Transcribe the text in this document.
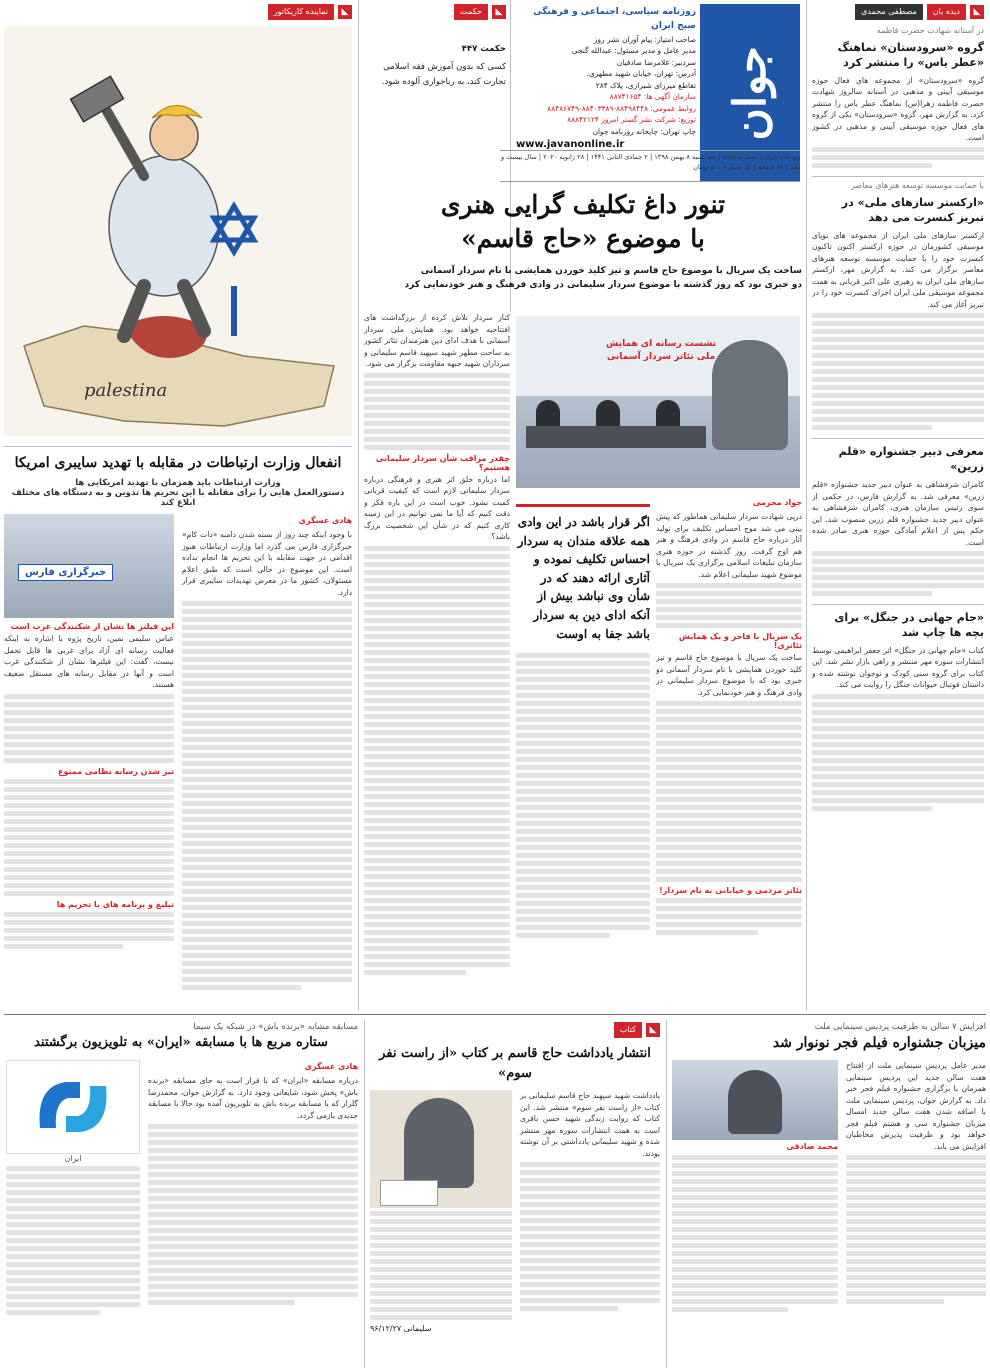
◣
دیده بان
مصطفی محمدی
در آستانه شهادت حضرت فاطمه
گروه «سرودستان» نماهنگ «عطر یاس» را منتشر کرد
گروه «سرودستان» از مجموعه های فعال حوزه موسیقی آیینی و مذهبی در آستانه سالروز شهادت حضرت فاطمه زهرا(س) نماهنگ عطر یاس را منتشر کرد. به گزارش مهر، گروه «سرودستان» یکی از گروه های فعال حوزه موسیقی آیینی و مذهبی در کشور است.
با حمایت موسسه توسعه هنرهای معاصر
«ارکستر سازهای ملی» در تبریز کنسرت می دهد
ارکستر سازهای ملی ایران از مجموعه های نوپای موسیقی کشورمان در حوزه ارکستر اکنون تاکنون کنسرت خود را با حمایت موسسه توسعه هنرهای معاصر برگزار می کند. به گزارش مهر، ارکستر سازهای ملی ایران به رهبری علی اکبر قربانی به همت مجموعه موسیقی ملی ایران اجرای کنسرت خود را در تبریز آغاز می کند.
معرفی دبیر جشنواره «قلم زرین»
کامران شرفشاهی به عنوان دبیر جدید جشنواره «قلم زرین» معرفی شد. به گزارش فارس، در حکمی از سوی رئیس سازمان هنری، کامران شرفشاهی به عنوان دبیر جدید جشنواره قلم زرین منصوب شد. این حکم پس از اعلام آمادگی حوزه هنری صادر شده است.
«جام جهانی در جنگل» برای بچه ها چاپ شد
کتاب «جام جهانی در جنگل» اثر جعفر ابراهیمی توسط انتشارات سوره مهر منتشر و راهی بازار نشر شد. این کتاب برای گروه سنی کودک و نوجوان نوشته شده و داستان فوتبال حیوانات جنگل را روایت می کند.
جوان
روزنامه سیاسی، اجتماعی و فرهنگی صبح ایران
صاحب امتیاز: پیام آوران نشر روز
مدیر عامل و مدیر مسئول: عبدالله گنجی
سردبیر: غلامرضا صادقیان
آدرس: تهران، خیابان شهید مطهری،
تقاطع میرزای شیرازی، پلاک ۲۸۴
سازمان آگهی ها: ۸۸۷۴۱۶۵۴
روابط عمومی: ۸۸۴۹۸۴۴۸-۸۸۴۰۳۳۸۹-۸۸۴۸۶۷۴۹
توزیع: شرکت نشر گستر امروز ۸۸۸۴۲۱۲۴
چاپ تهران: چاپخانه روزنامه جوان
www.javanonline.ir
روزنامه جوان | شماره ۵۸۵۵ | سه شنبه ۸ بهمن ۱۳۹۸ | ۲ جمادی الثانی ۱۴۴۱ | ۲۸ ژانویه ۲۰۲۰ | سال بیست و یکم | ۱۶ صفحه | تک شماره ۵۰۰ تومان
◣
حکمت
حکمت ۴۴۷
کسی که بدون آموزش فقه اسلامی تجارت کند، به رباخواری آلوده شود.
◣
نماینده کاریکاتور
palestina
تنور داغ تکلیف گرایی هنری
با موضوع «حاج قاسم»
ساخت یک سریال با موضوع حاج قاسم و تیز کلید خوردن همایشی با نام سردار آسمانی
دو خبری بود که روز گذشته با موضوع سردار سلیمانی در وادی فرهنگ و هنر خودنمایی کرد
نشست رسانه ای همایش ملی تئاتر سردار آسمانی
جواد محرمی
درپی شهادت سردار سلیمانی هماطور که پیش بینی می شد موج احساس تکلیف برای تولید آثار درباره حاج قاسم در وادی فرهنگ و هنر هم اوج گرفت. روز گذشته در حوزه هنری سازمان تبلیغات اسلامی برگزاری یک سریال با موضوع شهید سلیمانی اعلام شد.
یک سریال با فاخر و یک همایش تئاتری!
ساخت یک سریال با موضوع حاج قاسم و تیز کلید خوردن همایشی با نام سردار آسمانی دو خبری بود که با موضوع سردار سلیمانی در وادی فرهنگ و هنر خودنمایی کرد.
تئاتر مردمی و خیابانی به نام سردار!
اگر قرار باشد در این وادی همه علاقه مندان به سردار احساس تکلیف نموده و آثاری ارائه دهند که در شأن وی نباشد بیش از آنکه ادای دین به سردار باشد جفا به اوست
کنار سردار تلاش کرده از بزرگداشت های افتتاحیه خواهد بود. همایش ملی سردار آسمانی با هدف ادای دین هنرمندان تئاتر کشور به ساحت مطهر شهید سپهبد قاسم سلیمانی و سرداران شهید جبهه مقاومت برگزار می شود.
چقدر مراقب شأن سردار سلیمانی هستیم؟
اما درباره خلق اثر هنری و فرهنگی درباره سردار سلیمانی لازم است که کیفیت قربانی کمیت نشود. خوب است در این باره فکر و دقت کنیم که آیا ما نمی توانیم در این زمینه کاری کنیم که در شأن این شخصیت بزرگ باشد؟
انفعال وزارت ارتباطات در مقابله با تهدید سایبری امریکا
وزارت ارتباطات باید همزمان با تهدید امریکایی ها
دستورالعمل هایی را برای مقابله با این تحریم ها تدوین و به دستگاه های مختلف ابلاغ کند
هادی عسگری
با وجود اینکه چند روز از بسته شدن دامنه «دات کام» خبرگزاری فارس می گذرد اما وزارت ارتباطات هنوز اقدامی در جهت مقابله با این تحریم ها انجام نداده است. این موضوع در حالی است که طبق اعلام مسئولان، کشور ما در معرض تهدیدات سایبری قرار دارد.
خبرگزاری فارس
این فیلتر ها نشان از شکنندگی غرب است
عباس سلیمی نمین، تاریخ پژوه با اشاره به اینکه فعالیت رسانه ای آزاد برای غربی ها قابل تحمل نیست، گفت: این فیلترها نشان از شکنندگی غرب است و آنها در مقابل رسانه های مستقل ضعیف هستند.
تیز شدن رسانه نظامی ممنوع
تبلیغ و برنامه های با تحریم ها
افزایش ۷ سالن به ظرفیت پردیس سینمایی ملت
میزبان جشنواره فیلم فجر نونوار شد
مدیر عامل پردیس سینمایی ملت از افتتاح هفت سالن جدید این پردیس سینمایی همزمان با برگزاری جشنواره فیلم فجر خبر داد. به گزارش جوان، پردیس سینمایی ملت با اضافه شدن هفت سالن جدید امسال میزبان جشنواره سی و هشتم فیلم فجر خواهد بود و ظرفیت پذیرش مخاطبان افزایش می یابد.
محمد صادقی
◣
کتاب
انتشار یادداشت حاج قاسم بر کتاب «از راست نفر سوم»
یادداشت شهید سپهبد حاج قاسم سلیمانی بر کتاب «از راست نفر سوم» منتشر شد. این کتاب که روایت زندگی شهید حسن باقری است به همت انتشارات سوره مهر منتشر شده و شهید سلیمانی یادداشتی بر آن نوشته بودند.
سلیمانی ۹۶/۱۲/۲۷
مسابقه مشابه «برنده باش» در شبکه یک سیما
ستاره مربع ها با مسابقه «ایران» به تلویزیون برگشتند
هادی عسگری
درباره مسابقه «ایران» که با قرار است به جای مسابقه «برنده باش» پخش شود، شایعاتی وجود دارد. به گزارش جوان، محمدرضا گلزار که با مسابقه برنده باش به تلویزیون آمده بود حالا با مسابقه جدیدی بازمی گردد.
ایران
